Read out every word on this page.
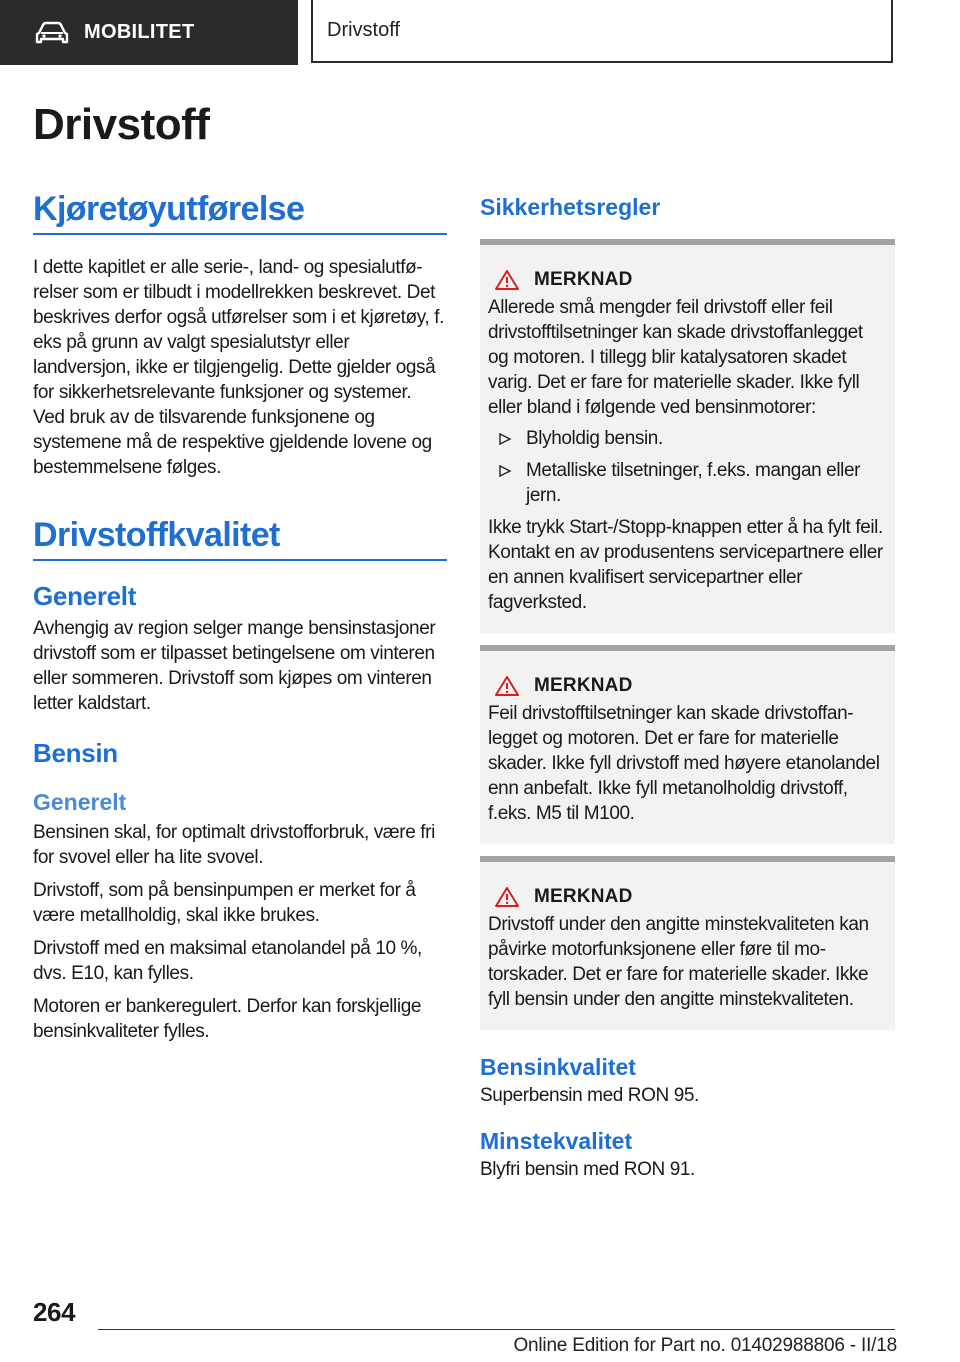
MOBILITET	Drivstoff
Drivstoff
Kjøretøyutførelse

I dette kapitlet er alle serie-, land- og spesialutførelser som er tilbudt i modellrekken beskrevet. Det beskrives derfor også utførelser som i et kjøretøy, f. eks på grunn av valgt spesialutstyr eller landversjon, ikke er tilgjengelig. Dette gjelder også for sikkerhetsrelevante funksjoner og systemer. Ved bruk av de tilsvarende funksjonene og systemene må de respektive gjeldende lovene og bestemmelsene følges.

Drivstoffkvalitet
Generelt

Avhengig av region selger mange bensinstasjoner drivstoff som er tilpasset betingelsene om vinteren eller sommeren. Drivstoff som kjøpes om vinteren letter kaldstart.

Bensin
Generelt

Bensinen skal, for optimalt drivstofforbruk, være fri for svovel eller ha lite svovel.

Drivstoff, som på bensinpumpen er merket for å være metallholdig, skal ikke brukes.

Drivstoff med en maksimal etanolandel på 10 %, dvs. E10, kan fylles.

Motoren er bankeregulert. Derfor kan forskjellige bensinkvaliteter fylles.

Sikkerhetsregler
MERKNAD

Allerede små mengder feil drivstoff eller feil drivstofftilsetninger kan skade drivstoffanlegget og motoren. I tillegg blir katalysatoren skadet varig. Det er fare for materielle skader. Ikke fyll eller bland i følgende ved bensinmotorer:

Blyholdig bensin.
Metalliske tilsetninger, f.eks. mangan eller jern.

Ikke trykk Start-/Stopp-knappen etter å ha fylt feil. Kontakt en av produsentens servicepartnere eller en annen kvalifisert servicepartner eller fagverksted.

MERKNAD

Feil drivstofftilsetninger kan skade drivstoffanlegget og motoren. Det er fare for materielle skader. Ikke fyll drivstoff med høyere etanolandel enn anbefalt. Ikke fyll metanolholdig drivstoff, f.eks. M5 til M100.

MERKNAD

Drivstoff under den angitte minstekvaliteten kan påvirke motorfunksjonene eller føre til motorskader. Det er fare for materielle skader. Ikke fyll bensin under den angitte minstekvaliteten.

Bensinkvalitet

Superbensin med RON 95.

Minstekvalitet

Blyfri bensin med RON 91.

264

Online Edition for Part no. 01402988806 - II/18
